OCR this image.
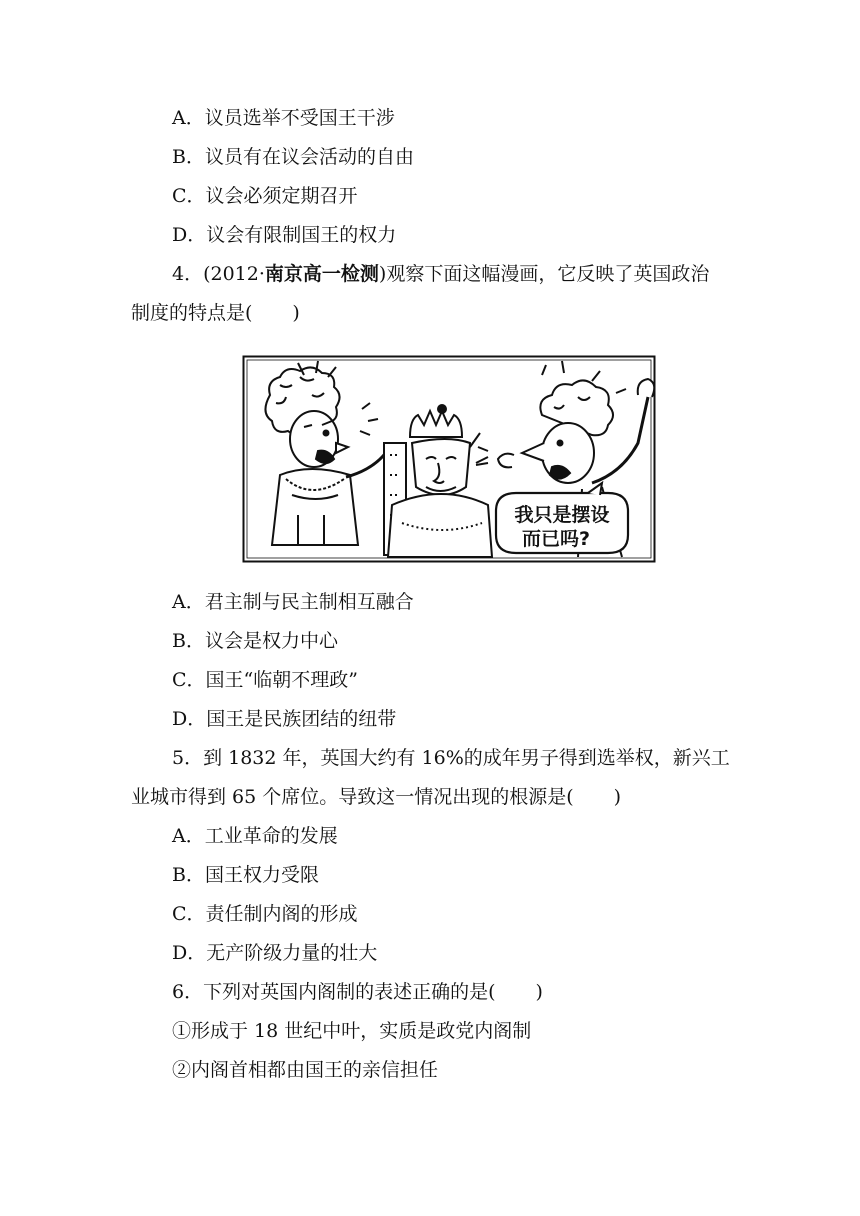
A．议员选举不受国王干涉
B．议员有在议会活动的自由
C．议会必须定期召开
D．议会有限制国王的权力
4．(2012·南京高一检测)观察下面这幅漫画，它反映了英国政治
制度的特点是( )
我只是摆设
而已吗?
A．君主制与民主制相互融合
B．议会是权力中心
C．国王“临朝不理政”
D．国王是民族团结的纽带
5．到 1832 年，英国大约有 16%的成年男子得到选举权，新兴工
业城市得到 65 个席位。导致这一情况出现的根源是( )
A．工业革命的发展
B．国王权力受限
C．责任制内阁的形成
D．无产阶级力量的壮大
6．下列对英国内阁制的表述正确的是( )
①形成于 18 世纪中叶，实质是政党内阁制
②内阁首相都由国王的亲信担任
